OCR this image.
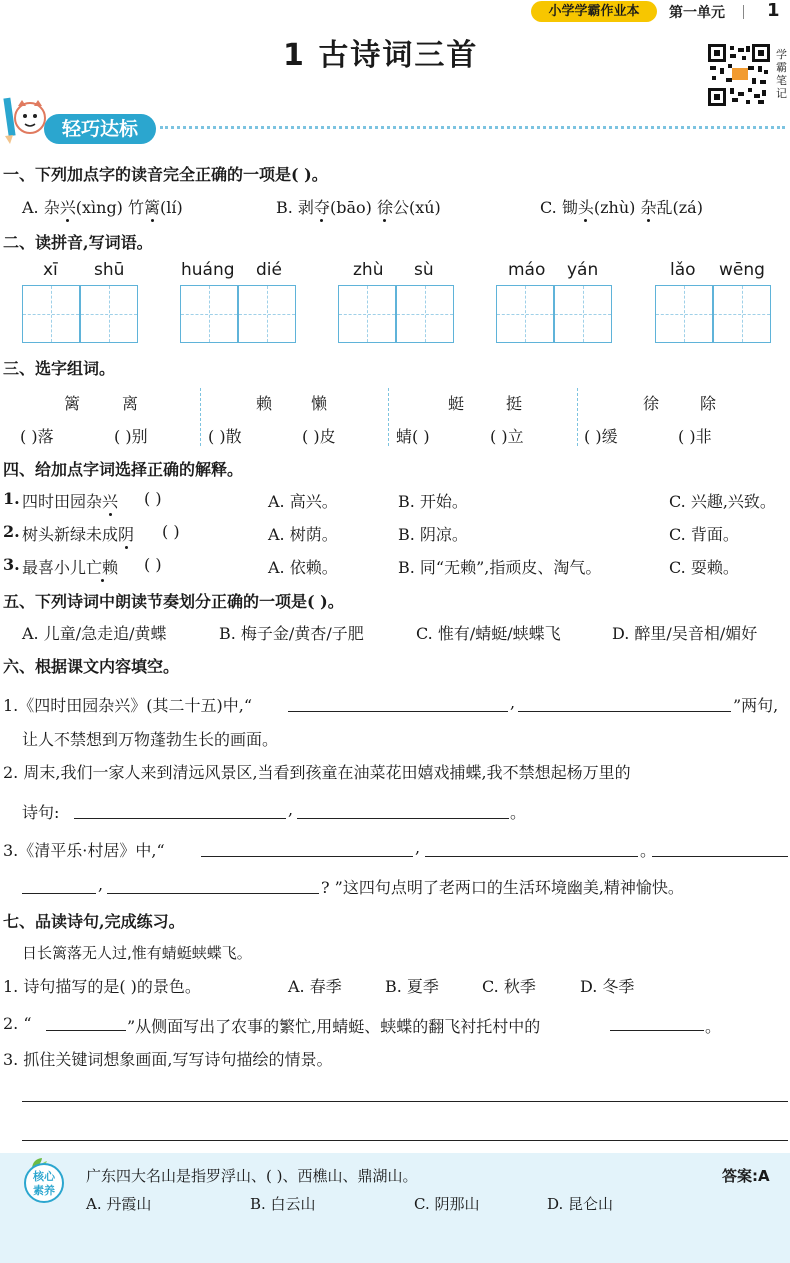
小学学霸作业本	第一单元 1
1 古诗词三首	学霸笔记
轻巧达标
一、下列加点字的读音完全正确的一项是( )。
A. 杂兴(xìng) 竹篱(lí)	B. 剥夺(bāo) 徐公(xú)	C. 锄头(zhù) 杂乱(zá)
二、读拼音,写词语。
xī shū	huáng dié	zhù sù	máo yán	lǎo wēng
三、选字组词。
篱	离	赖 懒	蜓	挺	徐	除
( )落	( )别	( )散	( )皮	蜻( )	( )立	( )缓	( )非
四、给加点字词选择正确的解释。
1. 四时田园杂兴 ( )	A. 高兴。	B. 开始。	C. 兴趣,兴致。
2. 树头新绿未成阴 ( )	A. 树荫。	B. 阴凉。	C. 背面。
3. 最喜小儿亡赖 ( )	A. 依赖。	B. 同“无赖”,指顽皮、淘气。	C. 耍赖。
五、下列诗词中朗读节奏划分正确的一项是( )。
A. 儿童/急走追/黄蝶	B. 梅子金/黄杏/子肥	C. 惟有/蜻蜓/蛱蝶飞	D. 醉里/吴音相/媚好
六、根据课文内容填空。
1.《四时田园杂兴》(其二十五)中,“	,	”两句,
让人不禁想到万物蓬勃生长的画面。
2. 周末,我们一家人来到清远风景区,当看到孩童在油菜花田嬉戏捕蝶,我不禁想起杨万里的
诗句:	,	。
3.《清平乐·村居》中,“	,	。
,	? ”这四句点明了老两口的生活环境幽美,精神愉快。
七、品读诗句,完成练习。
日长篱落无人过,惟有蜻蜓蛱蝶飞。
1. 诗句描写的是( )的景色。	A. 春季	B. 夏季	C. 秋季	D. 冬季
2. “	”从侧面写出了农事的繁忙,用蜻蜓、蛱蝶的翻飞衬托村中的	。
3. 抓住关键词想象画面,写写诗句描绘的情景。
核心
素养
广东四大名山是指罗浮山、( )、西樵山、鼎湖山。	答案:A
A. 丹霞山	B. 白云山	C. 阴那山	D. 昆仑山
